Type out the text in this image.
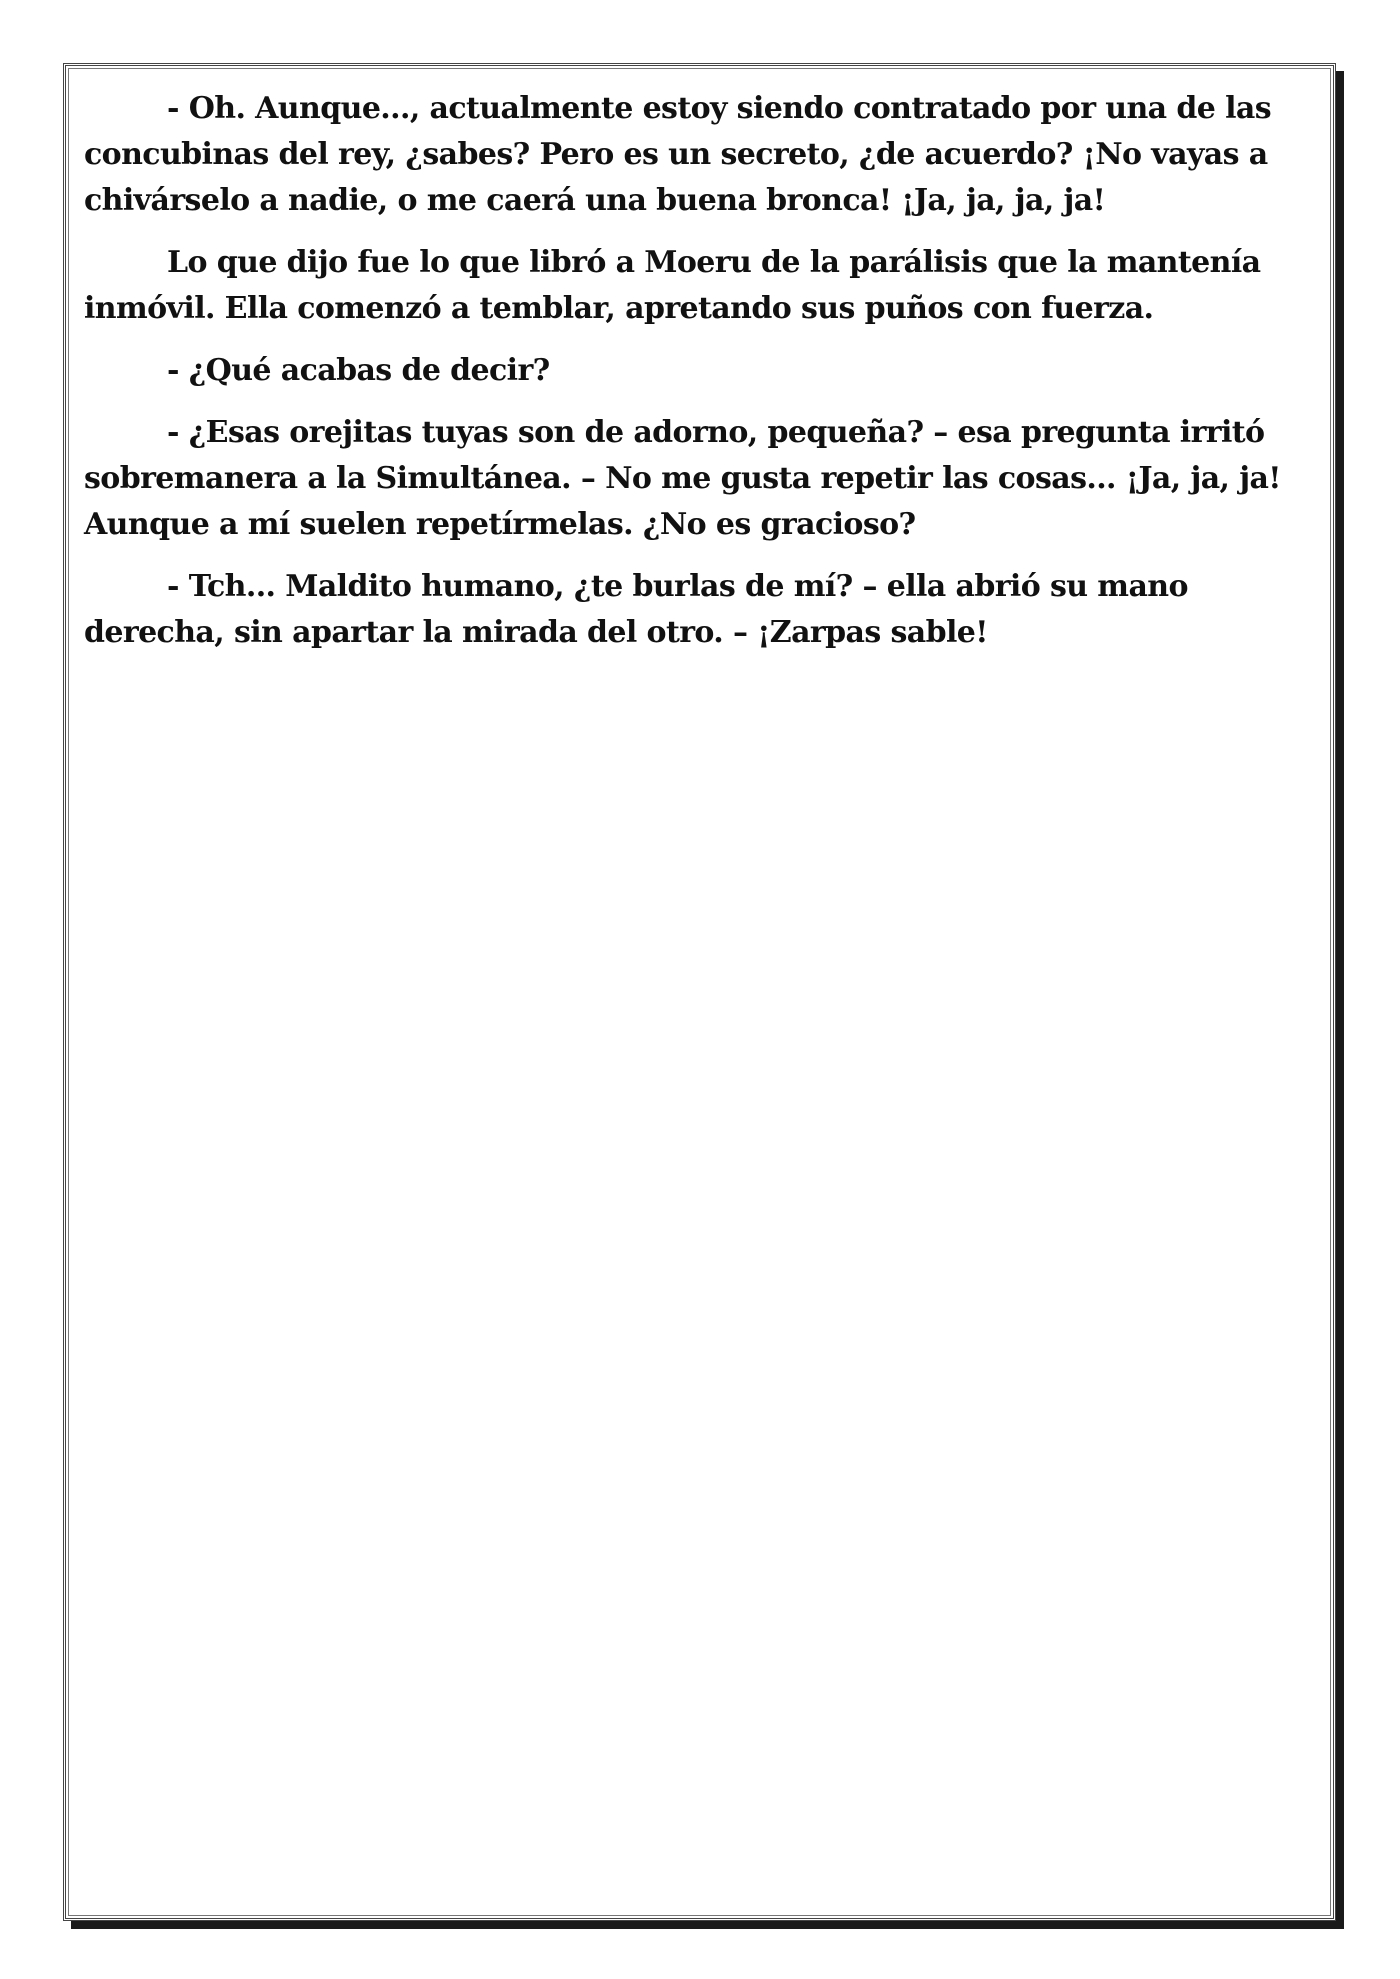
- Oh. Aunque..., actualmente estoy siendo contratado por una de las concubinas del rey, ¿sabes? Pero es un secreto, ¿de acuerdo? ¡No vayas a chivárselo a nadie, o me caerá una buena bronca! ¡Ja, ja, ja, ja!

Lo que dijo fue lo que libró a Moeru de la parálisis que la mantenía inmóvil. Ella comenzó a temblar, apretando sus puños con fuerza.

- ¿Qué acabas de decir?

- ¿Esas orejitas tuyas son de adorno, pequeña? – esa pregunta irritó sobremanera a la Simultánea. – No me gusta repetir las cosas... ¡Ja, ja, ja! Aunque a mí suelen repetírmelas. ¿No es gracioso?

- Tch... Maldito humano, ¿te burlas de mí? – ella abrió su mano derecha, sin apartar la mirada del otro. – ¡Zarpas sable!
